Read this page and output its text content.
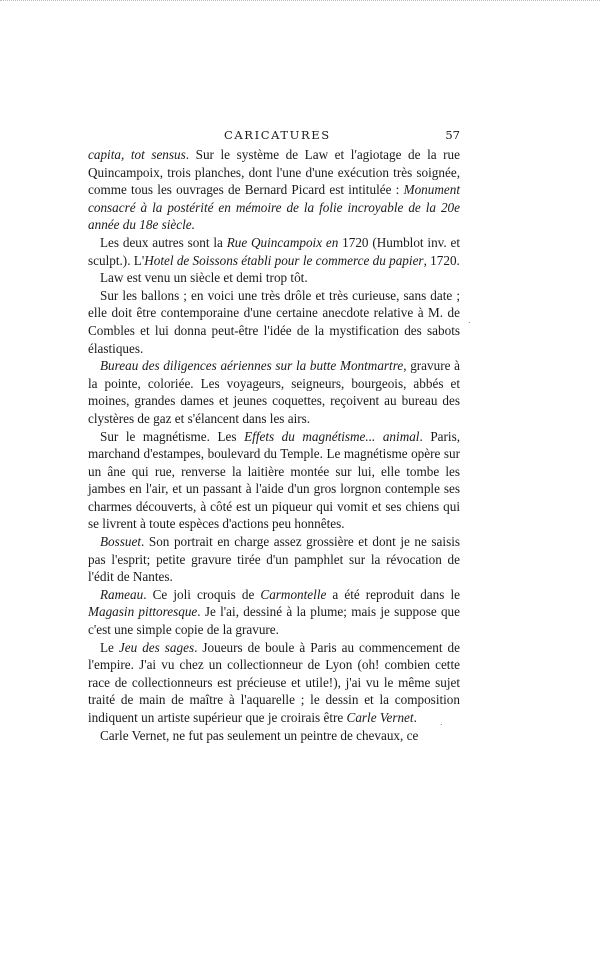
CARICATURES	57

capita, tot sensus. Sur le système de Law et l'agiotage de la rue Quincampoix, trois planches, dont l'une d'une exécution très soignée, comme tous les ouvrages de Bernard Picard est intitulée : Monument consacré à la postérité en mémoire de la folie incroyable de la 20e année du 18e siècle.

Les deux autres sont la Rue Quincampoix en 1720 (Humblot inv. et sculpt.). L'Hotel de Soissons établi pour le commerce du papier, 1720.

Law est venu un siècle et demi trop tôt.

Sur les ballons ; en voici une très drôle et très curieuse, sans date ; elle doit être contemporaine d'une certaine anecdote relative à M. de Combles et lui donna peut-être l'idée de la mystification des sabots élastiques.

Bureau des diligences aériennes sur la butte Montmartre, gravure à la pointe, coloriée. Les voyageurs, seigneurs, bourgeois, abbés et moines, grandes dames et jeunes coquettes, reçoivent au bureau des clystères de gaz et s'élancent dans les airs.

Sur le magnétisme. Les Effets du magnétisme... animal. Paris, marchand d'estampes, boulevard du Temple. Le magnétisme opère sur un âne qui rue, renverse la laitière montée sur lui, elle tombe les jambes en l'air, et un passant à l'aide d'un gros lorgnon contemple ses charmes découverts, à côté est un piqueur qui vomit et ses chiens qui se livrent à toute espèces d'actions peu honnêtes.

Bossuet. Son portrait en charge assez grossière et dont je ne saisis pas l'esprit; petite gravure tirée d'un pamphlet sur la révocation de l'édit de Nantes.

Rameau. Ce joli croquis de Carmontelle a été reproduit dans le Magasin pittoresque. Je l'ai, dessiné à la plume; mais je suppose que c'est une simple copie de la gravure.

Le Jeu des sages. Joueurs de boule à Paris au commencement de l'empire. J'ai vu chez un collectionneur de Lyon (oh! combien cette race de collectionneurs est précieuse et utile!), j'ai vu le même sujet traité de main de maître à l'aquarelle ; le dessin et la composition indiquent un artiste supérieur que je croirais être Carle Vernet.

Carle Vernet, ne fut pas seulement un peintre de chevaux, ce

.
.
